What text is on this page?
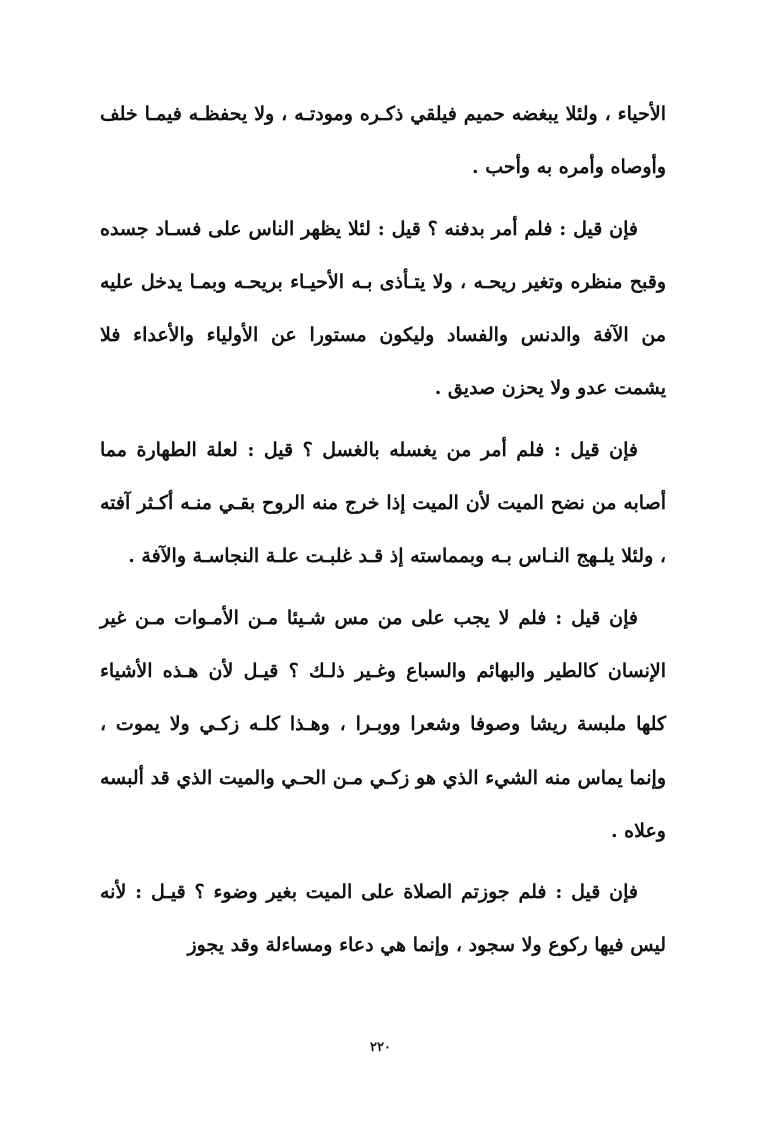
الأحياء ، ولئلا يبغضه حميم فيلقي ذكـره ومودتـه ، ولا يحفظـه فيمـا خلف وأوصاه وأمره به وأحب .

فإن قيل : فلم أمر بدفنه ؟ قيل : لئلا يظهر الناس على فسـاد جسده وقبح منظره وتغير ريحـه ، ولا يتـأذى بـه الأحيـاء بريحـه وبمـا يدخل عليه من الآفة والدنس والفساد وليكون مستورا عن الأولياء والأعداء فلا يشمت عدو ولا يحزن صديق .

فإن قيل : فلم أمر من يغسله بالغسل ؟ قيل : لعلة الطهارة مما أصابه من نضح الميت لأن الميت إذا خرج منه الروح بقـي منـه أكـثر آفته ، ولئلا يلـهج النـاس بـه وبمماسته إذ قـد غلبـت علـة النجاسـة والآفة .

فإن قيل : فلم لا يجب على من مس شـيئا مـن الأمـوات مـن غير الإنسان كالطير والبهائم والسباع وغـير ذلـك ؟ قيـل لأن هـذه الأشياء كلها ملبسة ريشا وصوفا وشعرا ووبـرا ، وهـذا كلـه زكـي ولا يموت ، وإنما يماس منه الشيء الذي هو زكـي مـن الحـي والميت الذي قد ألبسه وعلاه .

فإن قيل : فلم جوزتم الصلاة على الميت بغير وضوء ؟ قيـل : لأنه ليس فيها ركوع ولا سجود ، وإنما هي دعاء ومساءلة وقد يجوز

٢٢٠
